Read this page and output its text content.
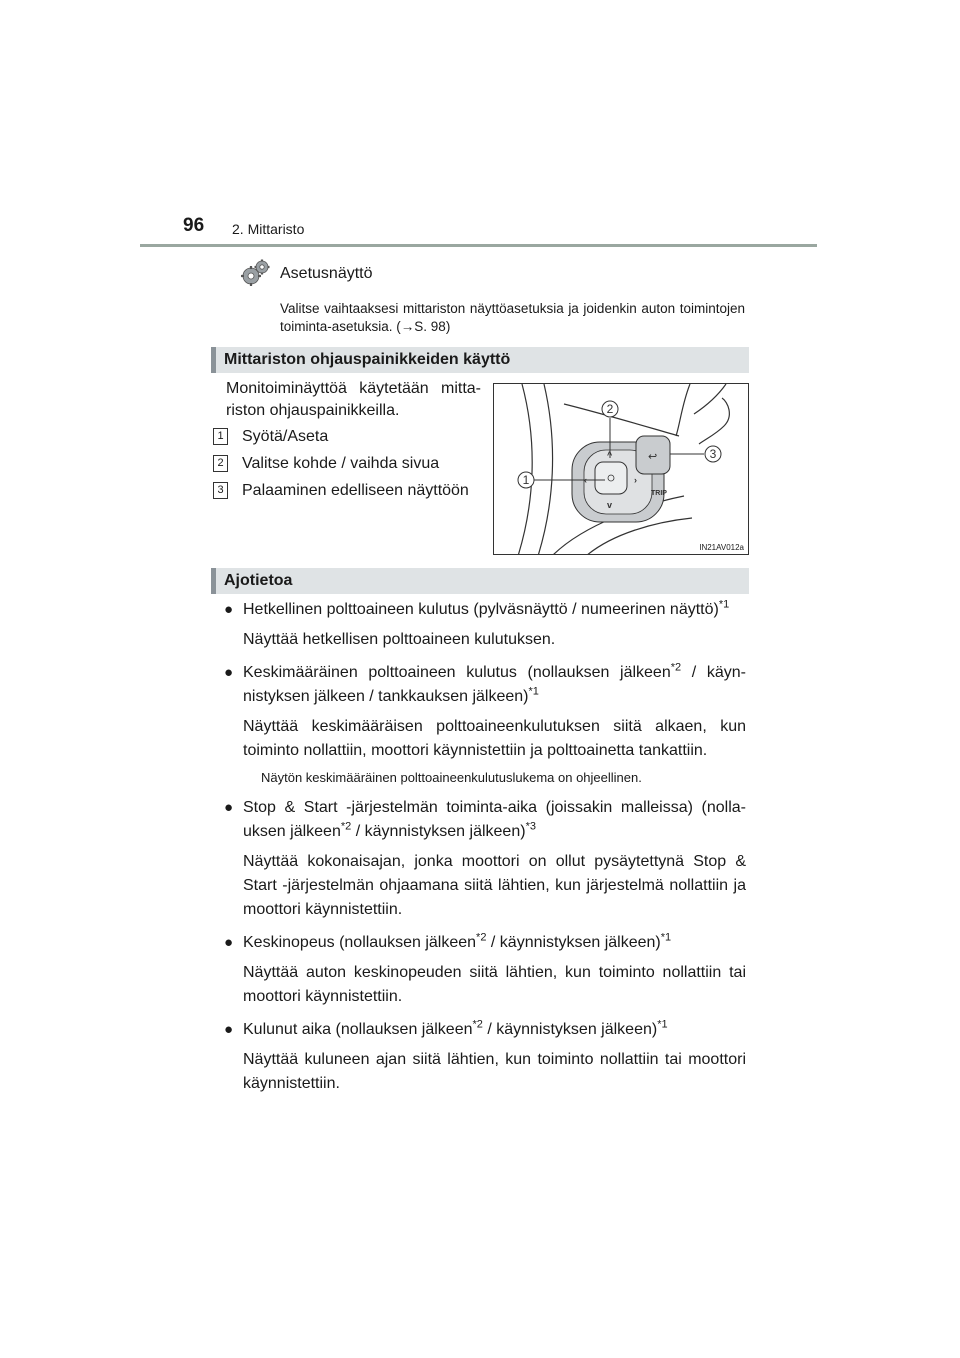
96 2. Mittaristo
Asetusnäyttö
Valitse vaihtaaksesi mittariston näyttöasetuksia ja joidenkin auton toimintojen toiminta-asetuksia. (→S. 98)
Mittariston ohjauspainikkeiden käyttö
Monitoiminäyttöä käytetään mitta-riston ohjauspainikkeilla.
1 Syötä/Aseta
2 Valitse kohde / vaihda sivua
3 Palaaminen edelliseen näyttöön
^
›
‹
v
↩
TRIP
1
2
3
IN21AV012a
Ajotietoa
● Hetkellinen polttoaineen kulutus (pylväsnäyttö / numeerinen näyttö)$^{*1}$
Näyttää hetkellisen polttoaineen kulutuksen.
● Keskimääräinen polttoaineen kulutus (nollauksen jälkeen$^{*2}$ / käyn-nistyksen jälkeen / tankkauksen jälkeen)$^{*1}$
Näyttää keskimääräisen polttoaineenkulutuksen siitä alkaen, kun toiminto nollattiin, moottori käynnistettiin ja polttoainetta tankattiin.
Näytön keskimääräinen polttoaineenkulutuslukema on ohjeellinen.
● Stop & Start -järjestelmän toiminta-aika (joissakin malleissa) (nolla-uksen jälkeen$^{*2}$ / käynnistyksen jälkeen)$^{*3}$
Näyttää kokonaisajan, jonka moottori on ollut pysäytettynä Stop & Start -järjestelmän ohjaamana siitä lähtien, kun järjestelmä nollattiin ja moottori käynnistettiin.
● Keskinopeus (nollauksen jälkeen$^{*2}$ / käynnistyksen jälkeen)$^{*1}$
Näyttää auton keskinopeuden siitä lähtien, kun toiminto nollattiin tai moottori käynnistettiin.
● Kulunut aika (nollauksen jälkeen$^{*2}$ / käynnistyksen jälkeen)$^{*1}$
Näyttää kuluneen ajan siitä lähtien, kun toiminto nollattiin tai moottori käynnistettiin.
